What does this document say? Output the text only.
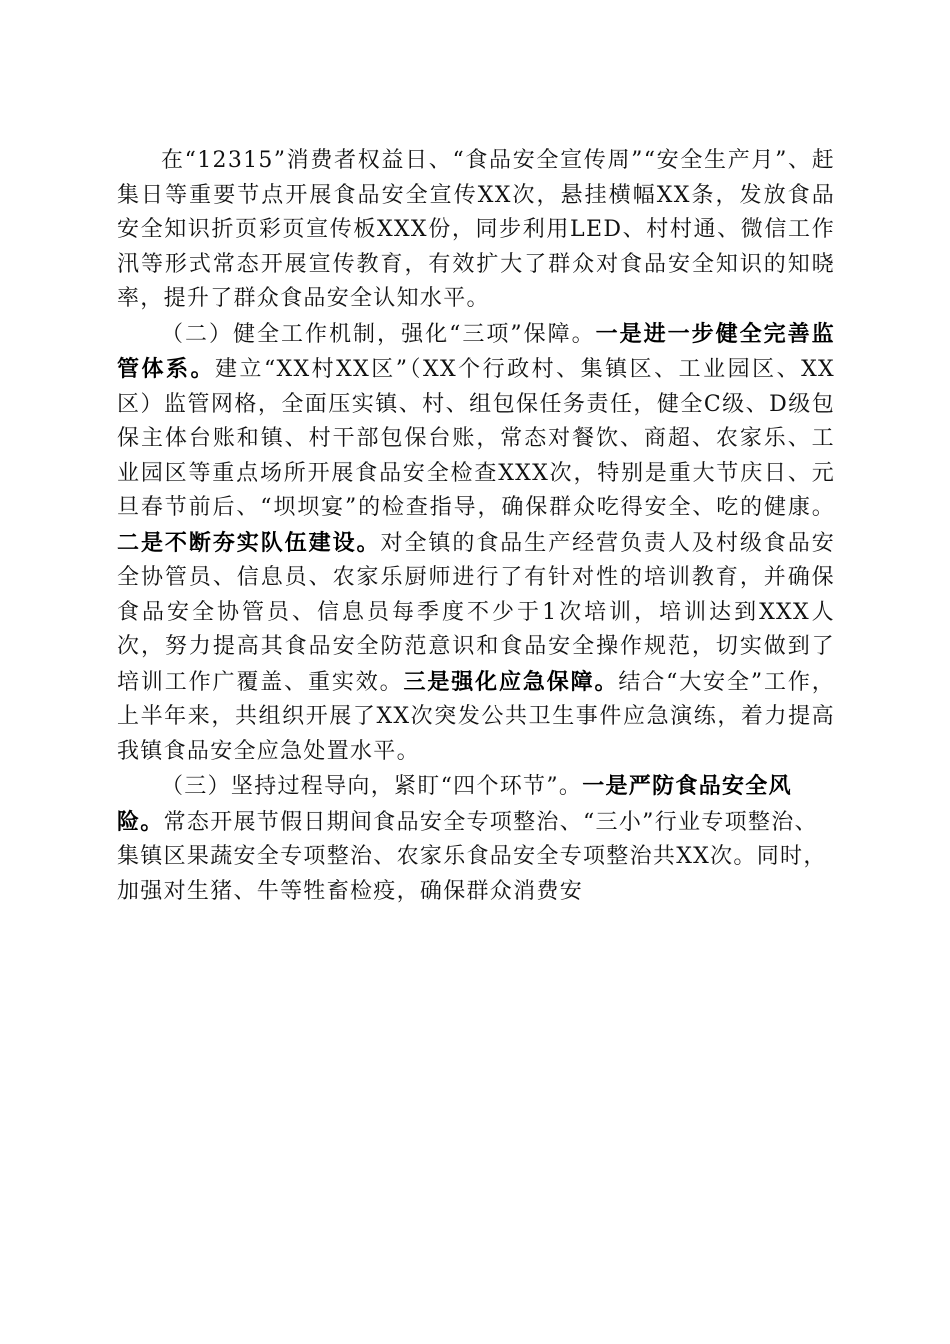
在“12315”消费者权益日、“食品安全宣传周”“安全生产月”、赶集日等重要节点开展食品安全宣传XX次，悬挂横幅XX条，发放食品安全知识折页彩页宣传板XXX份，同步利用LED、村村通、微信工作汛等形式常态开展宣传教育，有效扩大了群众对食品安全知识的知晓率，提升了群众食品安全认知水平。

（二）健全工作机制，强化“三项”保障。一是进一步健全完善监管体系。建立“XX村XX区”（XX个行政村、集镇区、工业园区、XX区）监管网格，全面压实镇、村、组包保任务责任，健全C级、D级包保主体台账和镇、村干部包保台账，常态对餐饮、商超、农家乐、工业园区等重点场所开展食品安全检查XXX次，特别是重大节庆日、元旦春节前后、“坝坝宴”的检查指导，确保群众吃得安全、吃的健康。二是不断夯实队伍建设。对全镇的食品生产经营负责人及村级食品安全协管员、信息员、农家乐厨师进行了有针对性的培训教育，并确保食品安全协管员、信息员每季度不少于1次培训，培训达到XXX人次，努力提高其食品安全防范意识和食品安全操作规范，切实做到了培训工作广覆盖、重实效。三是强化应急保障。结合“大安全”工作，上半年来，共组织开展了XX次突发公共卫生事件应急演练，着力提高我镇食品安全应急处置水平。

（三）坚持过程导向，紧盯“四个环节”。一是严防食品安全风险。常态开展节假日期间食品安全专项整治、“三小”行业专项整治、集镇区果蔬安全专项整治、农家乐食品安全专项整治共XX次。同时，加强对生猪、牛等牲畜检疫，确保群众消费安
